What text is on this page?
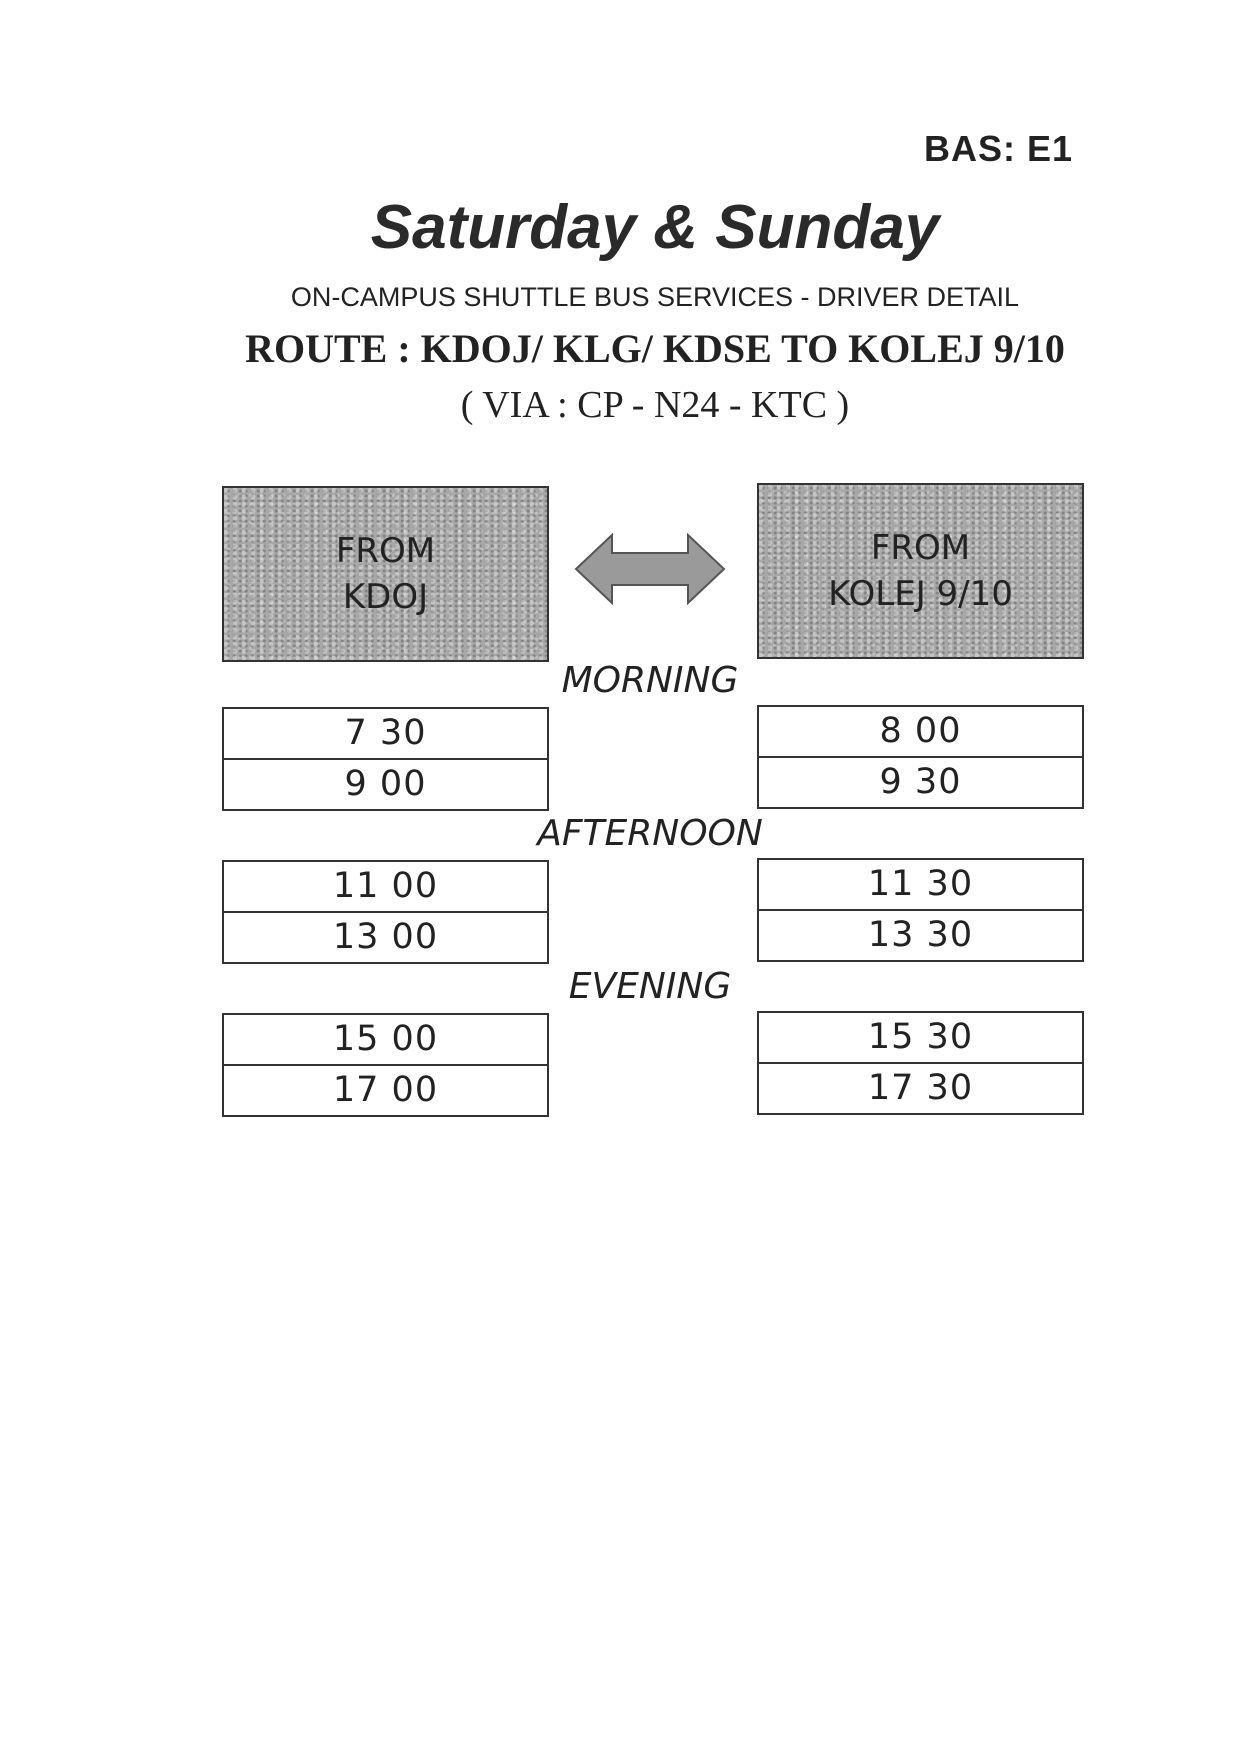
BAS: E1
Saturday & Sunday
ON-CAMPUS SHUTTLE BUS SERVICES - DRIVER DETAIL
ROUTE : KDOJ/ KLG/ KDSE TO KOLEJ 9/10
( VIA : CP - N24 - KTC )
FROM
KDOJ
FROM
KOLEJ 9/10
MORNING
7 30
9 00
8 00
9 30
AFTERNOON
11 00
13 00
11 30
13 30
EVENING
15 00
17 00
15 30
17 30
